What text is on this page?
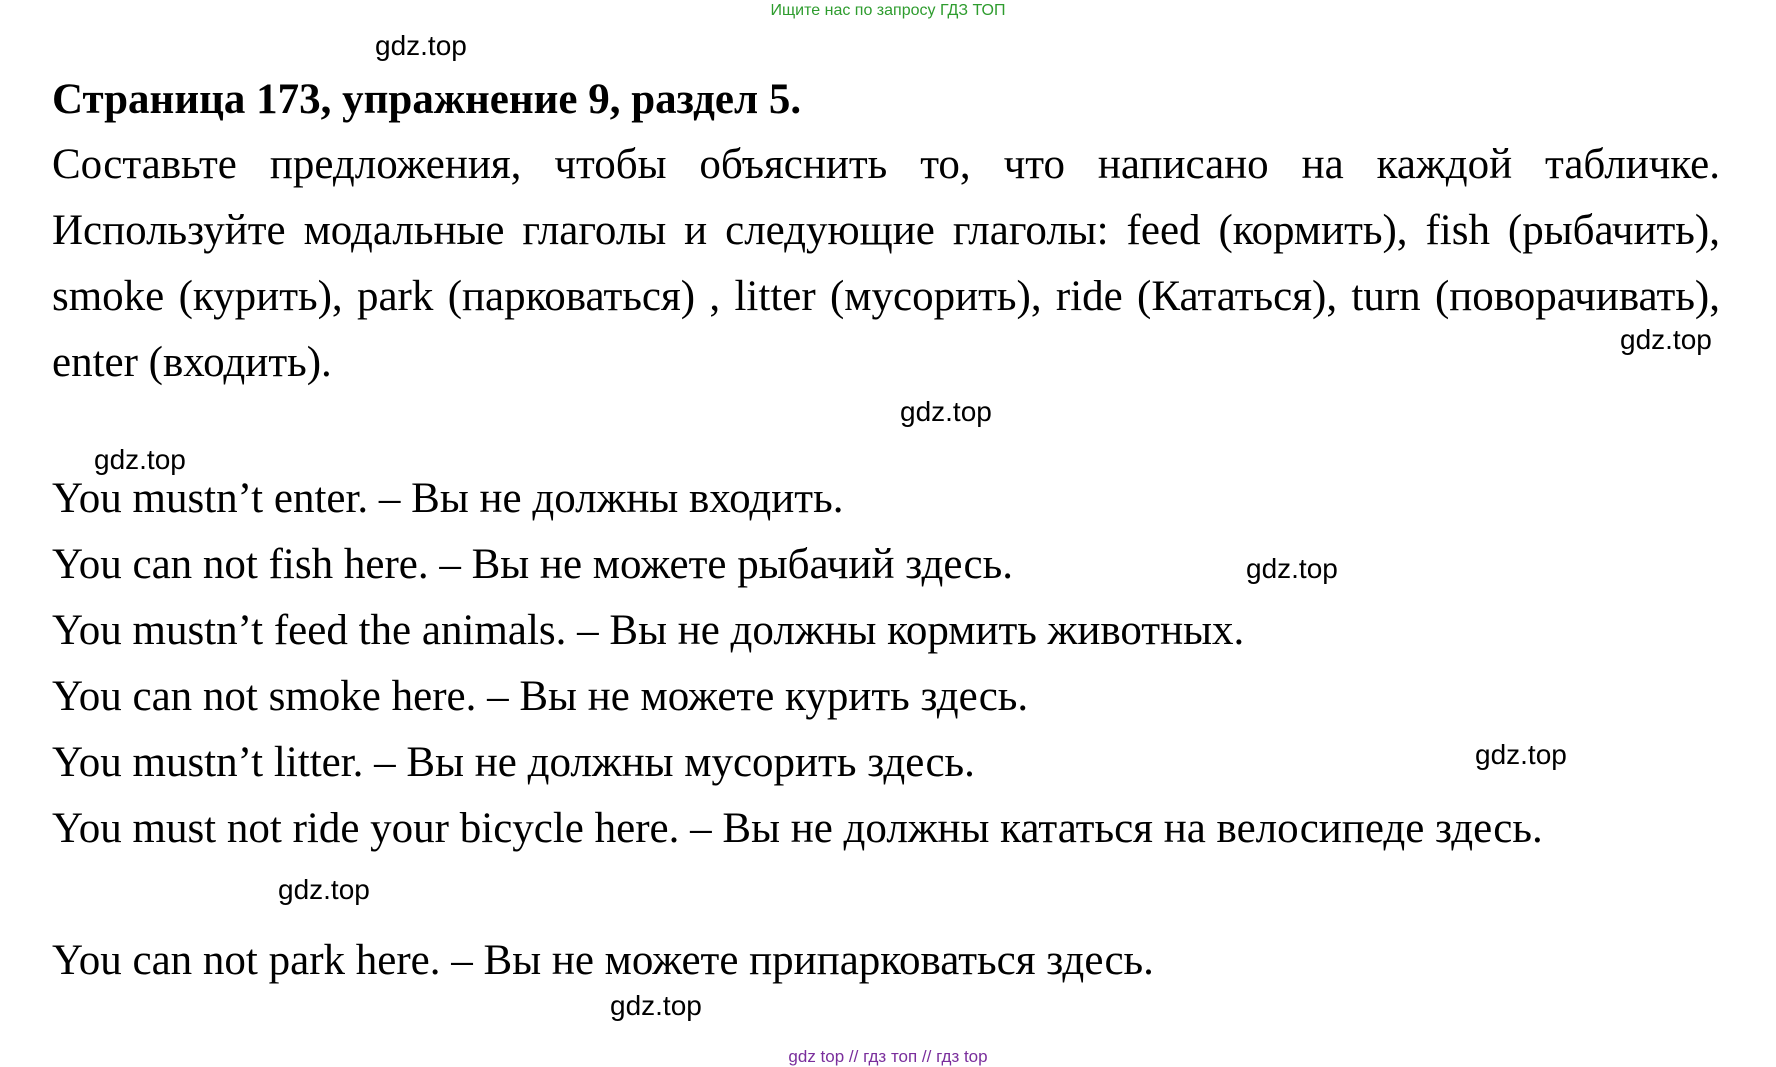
Ищите нас по запросу ГДЗ ТОП
Страница 173, упражнение 9, раздел 5.

Составьте предложения, чтобы объяснить то, что написано на каждой табличке. Используйте модальные глаголы и следующие глаголы: feed (кормить), fish (рыбачить), smoke (курить), park (парковаться) , litter (мусорить), ride (Кататься), turn (поворачивать), enter (входить).

You mustn’t enter. – Вы не должны входить.

You can not fish here. – Вы не можете рыбачий здесь.

You mustn’t feed the animals. – Вы не должны кормить животных.

You can not smoke here. – Вы не можете курить здесь.

You mustn’t litter. – Вы не должны мусорить здесь.

You must not ride your bicycle here. – Вы не должны кататься на велосипеде здесь.

You can not park here. – Вы не можете припарковаться здесь.

gdz.top
gdz.top
gdz.top
gdz.top
gdz.top
gdz.top
gdz.top
gdz.top
gdz top // гдз топ // гдз top
